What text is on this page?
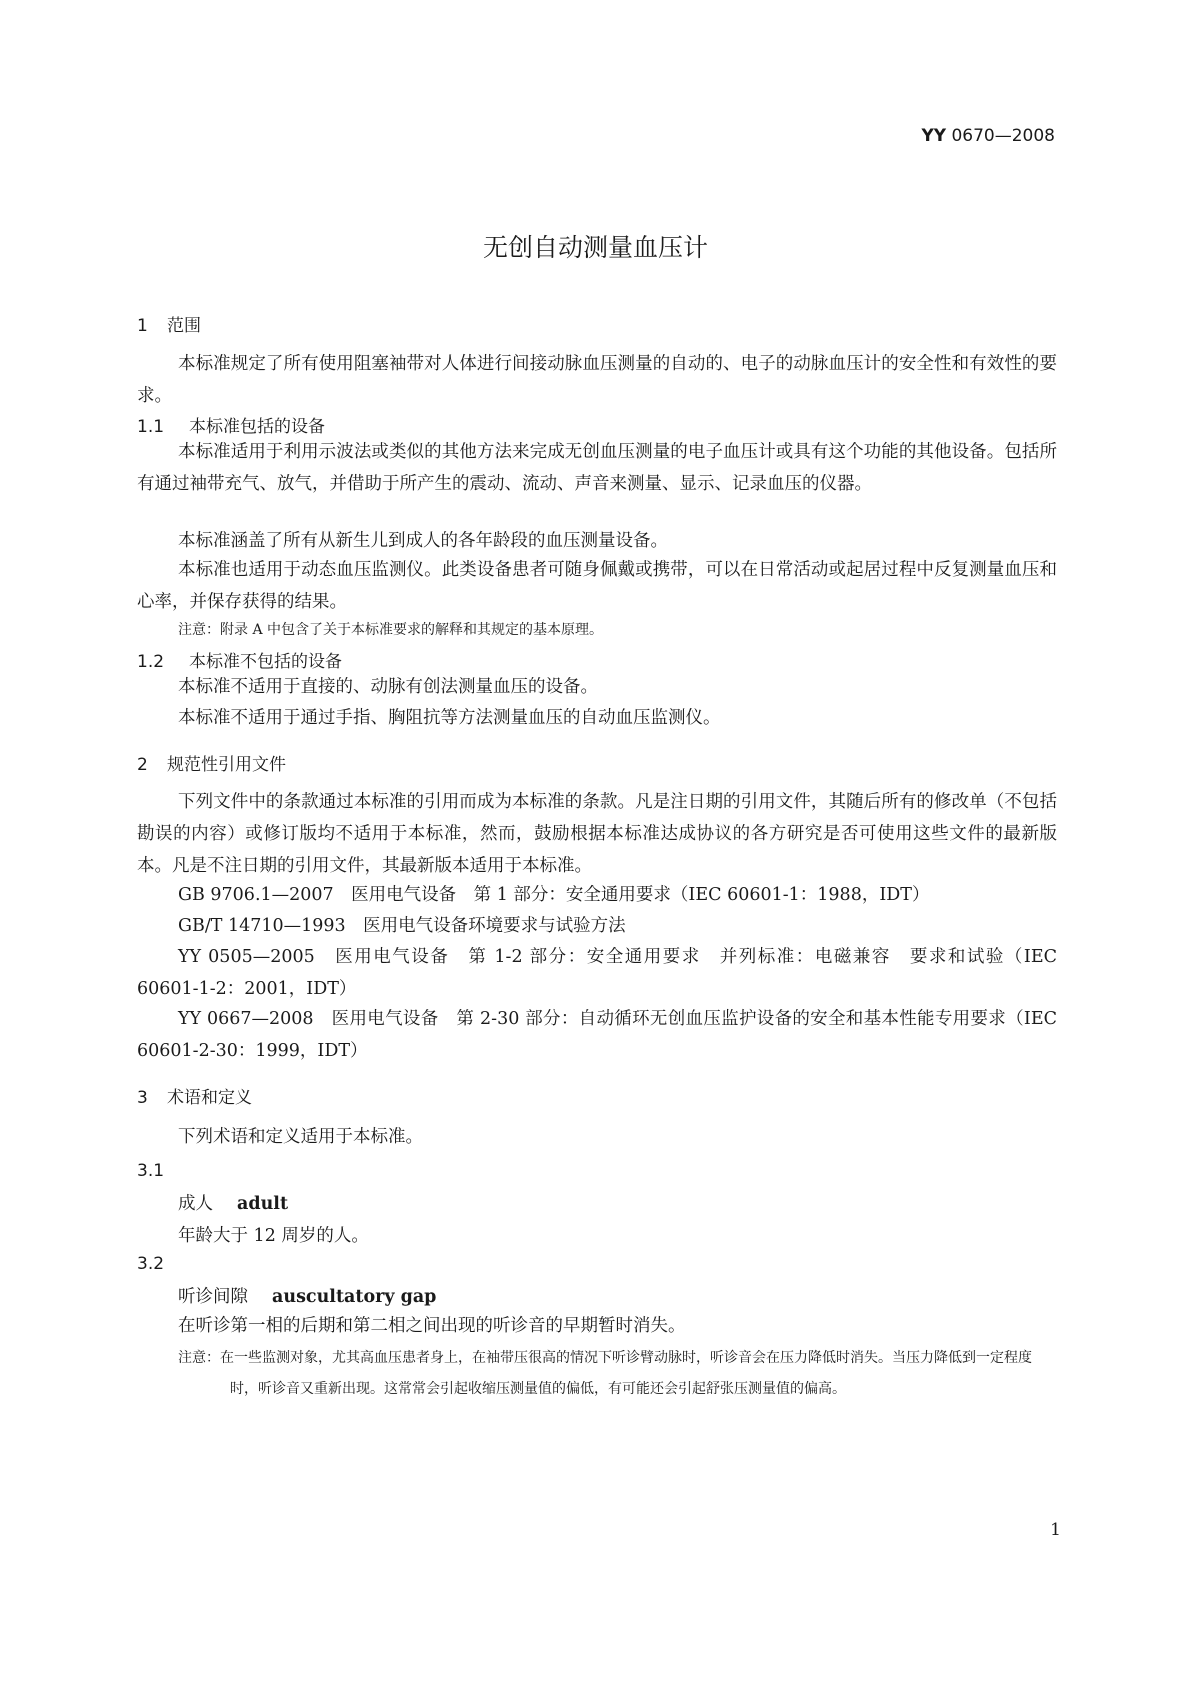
YY 0670—2008
无创自动测量血压计
1 范围
本标准规定了所有使用阻塞袖带对人体进行间接动脉血压测量的自动的、电子的动脉血压计的安全性和有效性的要求。
1.1 本标准包括的设备
本标准适用于利用示波法或类似的其他方法来完成无创血压测量的电子血压计或具有这个功能的其他设备。包括所有通过袖带充气、放气，并借助于所产生的震动、流动、声音来测量、显示、记录血压的仪器。
本标准涵盖了所有从新生儿到成人的各年龄段的血压测量设备。
本标准也适用于动态血压监测仪。此类设备患者可随身佩戴或携带，可以在日常活动或起居过程中反复测量血压和心率，并保存获得的结果。
注意：附录 A 中包含了关于本标准要求的解释和其规定的基本原理。
1.2 本标准不包括的设备
本标准不适用于直接的、动脉有创法测量血压的设备。
本标准不适用于通过手指、胸阻抗等方法测量血压的自动血压监测仪。
2 规范性引用文件
下列文件中的条款通过本标准的引用而成为本标准的条款。凡是注日期的引用文件，其随后所有的修改单（不包括勘误的内容）或修订版均不适用于本标准，然而，鼓励根据本标准达成协议的各方研究是否可使用这些文件的最新版本。凡是不注日期的引用文件，其最新版本适用于本标准。
GB 9706.1—2007　医用电气设备　第 1 部分：安全通用要求（IEC 60601-1：1988，IDT）
GB/T 14710—1993　医用电气设备环境要求与试验方法
YY 0505—2005　医用电气设备　第 1-2 部分：安全通用要求　并列标准：电磁兼容　要求和试验（IEC 60601-1-2：2001，IDT）
YY 0667—2008　医用电气设备　第 2-30 部分：自动循环无创血压监护设备的安全和基本性能专用要求（IEC 60601-2-30：1999，IDT）
3 术语和定义
下列术语和定义适用于本标准。
3.1
成人 adult
年龄大于 12 周岁的人。
3.2
听诊间隙 auscultatory gap
在听诊第一相的后期和第二相之间出现的听诊音的早期暂时消失。
注意：在一些监测对象，尤其高血压患者身上，在袖带压很高的情况下听诊臂动脉时，听诊音会在压力降低时消失。当压力降低到一定程度时，听诊音又重新出现。这常常会引起收缩压测量值的偏低，有可能还会引起舒张压测量值的偏高。
1
